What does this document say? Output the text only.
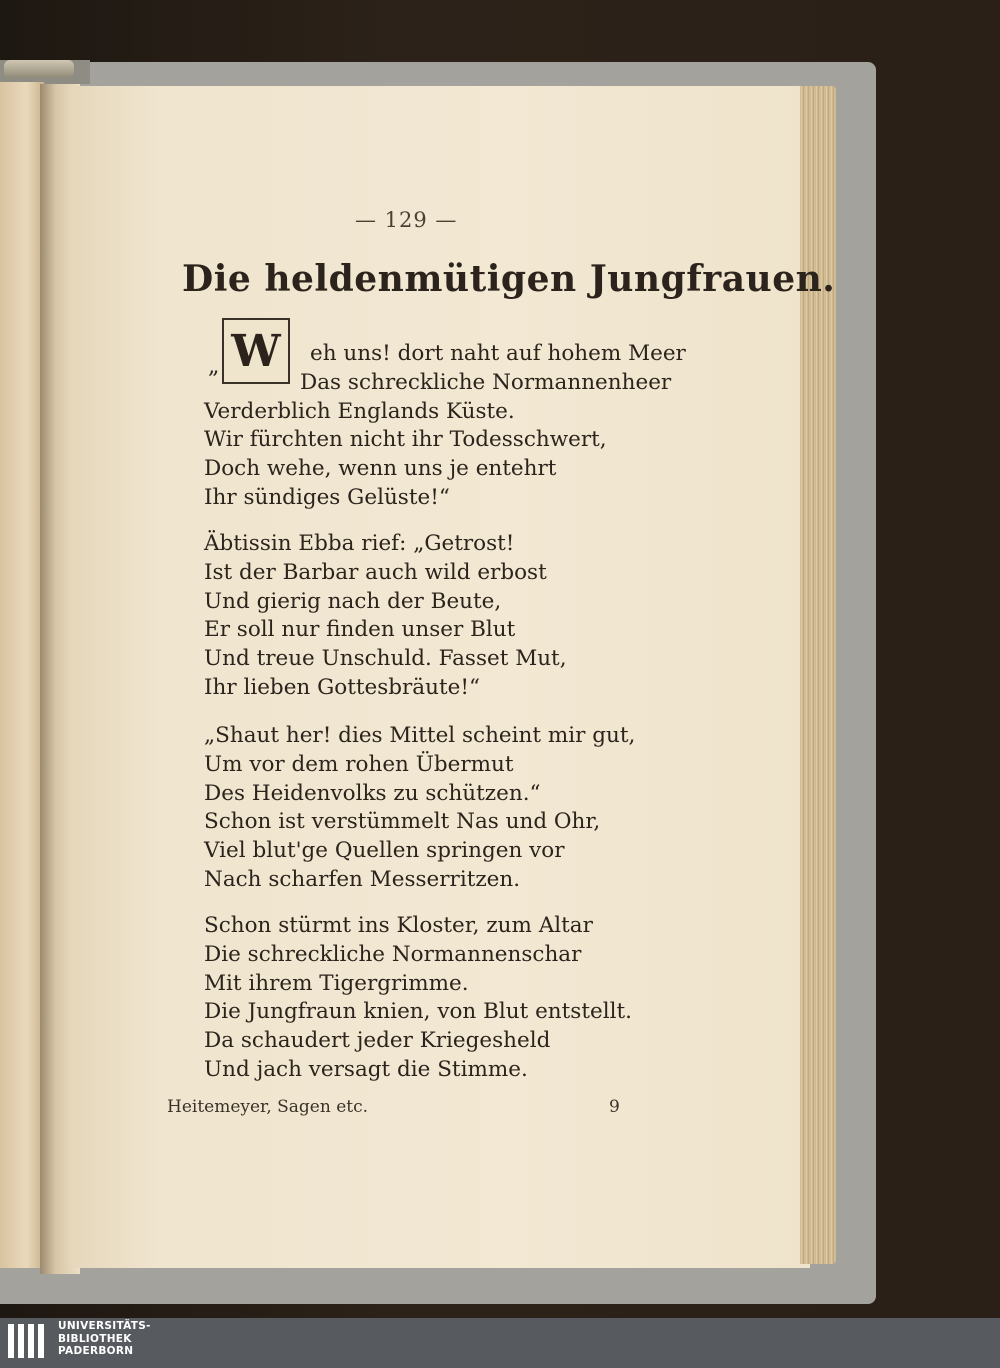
— 129 —
Die heldenmütigen Jungfrauen.
W
„
eh uns! dort naht auf hohem Meer
Das schreckliche Normannenheer
Verderblich Englands Küste.
Wir fürchten nicht ihr Todesschwert,
Doch wehe, wenn uns je entehrt
Ihr sündiges Gelüste!“
Äbtissin Ebba rief: „Getrost!
Ist der Barbar auch wild erbost
Und gierig nach der Beute,
Er soll nur finden unser Blut
Und treue Unschuld. Fasset Mut,
Ihr lieben Gottesbräute!“
„Shaut her! dies Mittel scheint mir gut,
Um vor dem rohen Übermut
Des Heidenvolks zu schützen.“
Schon ist verstümmelt Nas und Ohr,
Viel blut'ge Quellen springen vor
Nach scharfen Messerritzen.
Schon stürmt ins Kloster, zum Altar
Die schreckliche Normannenschar
Mit ihrem Tigergrimme.
Die Jungfraun knien, von Blut entstellt.
Da schaudert jeder Kriegesheld
Und jach versagt die Stimme.
Heitemeyer, Sagen etc.	9
UNIVERSITÄTS-
BIBLIOTHEK
PADERBORN
